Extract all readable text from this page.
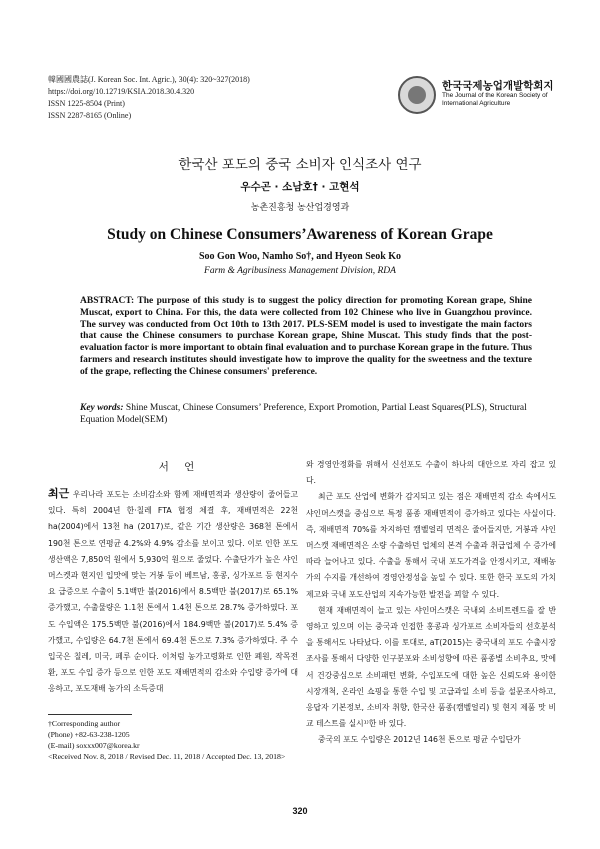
韓國國農誌(J. Korean Soc. Int. Agric.), 30(4): 320~327(2018)
https://doi.org/10.12719/KSIA.2018.30.4.320
ISSN 1225-8504 (Print)
ISSN 2287-8165 (Online)
한국국제농업개발학회지
The Journal of the Korean Society of International Agriculture
한국산 포도의 중국 소비자 인식조사 연구
우수곤 · 소남호† · 고현석
농촌진흥청 농산업경영과
Study on Chinese Consumers’Awareness of Korean Grape
Soo Gon Woo, Namho So†, and Hyeon Seok Ko
Farm & Agribusiness Management Division, RDA
ABSTRACT: The purpose of this study is to suggest the policy direction for promoting Korean grape, Shine Muscat, export to China. For this, the data were collected from 102 Chinese who live in Guangzhou province. The survey was conducted from Oct 10th to 13th 2017. PLS-SEM model is used to investigate the main factors that cause the Chinese consumers to purchase Korean grape, Shine Muscat. This study finds that the post-evaluation factor is more important to obtain final evaluation and to purchase Korean grape in the future. Thus farmers and research institutes should investigate how to improve the quality for the sweetness and the texture of the grape, reflecting the Chinese consumers' preference.
Key words: Shine Muscat, Chinese Consumers’ Preference, Export Promotion, Partial Least Squares(PLS), Structural Equation Model(SEM)
서 언

최근 우리나라 포도는 소비감소와 함께 재배면적과 생산량이 줄어들고 있다. 특히 2004년 한·칠레 FTA 협정 체결 후, 재배면적은 22천 ha(2004)에서 13천 ha (2017)로, 같은 기간 생산량은 368천 톤에서 190천 톤으로 연평균 4.2%와 4.9% 감소를 보이고 있다. 이로 인한 포도 생산액은 7,850억 원에서 5,930억 원으로 줄었다. 수출단가가 높은 샤인머스켓과 현지인 입맛에 맞는 거봉 등이 베트남, 홍콩, 싱가포르 등 현지수요 급증으로 수출이 5.1백만 불(2016)에서 8.5백만 불(2017)로 65.1% 증가했고, 수출물량은 1.1천 톤에서 1.4천 톤으로 28.7% 증가하였다. 포도 수입액은 175.5백만 불(2016)에서 184.9백만 불(2017)로 5.4% 증가했고, 수입량은 64.7천 톤에서 69.4천 톤으로 7.3% 증가하였다. 주 수입국은 칠레, 미국, 페루 순이다. 이처럼 농가고령화로 인한 폐원, 작목전환, 포도 수입 증가 등으로 인한 포도 재배면적의 감소와 수입량 증가에 대응하고, 포도재배 농가의 소득증대

와 경영안정화를 위해서 신선포도 수출이 하나의 대안으로 자리 잡고 있다.

최근 포도 산업에 변화가 감지되고 있는 점은 재배면적 감소 속에서도 샤인머스캣을 중심으로 특정 품종 재배면적이 증가하고 있다는 사실이다. 즉, 재배면적 70%를 차지하던 캠벨얼리 면적은 줄어들지만, 거봉과 샤인머스캣 재배면적은 소량 수출하던 업체의 본격 수출과 취급업체 수 증가에 따라 늘어나고 있다. 수출을 통해서 국내 포도가격을 안정시키고, 재배농가의 수지를 개선하여 경영안정성을 높일 수 있다. 또한 한국 포도의 가치제고와 국내 포도산업의 지속가능한 발전을 꾀할 수 있다.

현재 재배면적이 늘고 있는 샤인머스캣은 국내외 소비트렌드를 잘 반영하고 있으며 이는 중국과 인접한 홍콩과 싱가포르 소비자들의 선호분석을 통해서도 나타났다. 이를 토대로, aT(2015)는 중국내의 포도 수출시장 조사를 통해서 다양한 인구분포와 소비성향에 따른 품종별 소비추요, 맛에서 건강중심으로 소비패턴 변화, 수입포도에 대한 높은 신뢰도와 용이한 시장개척, 온라인 쇼핑을 통한 수입 및 고급과일 소비 등을 설문조사하고, 응답자 기본정보, 소비자 취향, 한국산 품종(캠벨얼리) 및 현지 제품 맛 비교 테스트를 실시¹⁾한 바 있다.

중국의 포도 수입량은 2012년 146천 톤으로 평균 수입단가

†Corresponding author
(Phone) +82-63-238-1205
(E-mail) soxxx007@korea.kr
<Received Nov. 8, 2018 / Revised Dec. 11, 2018 / Accepted Dec. 13, 2018>
320
